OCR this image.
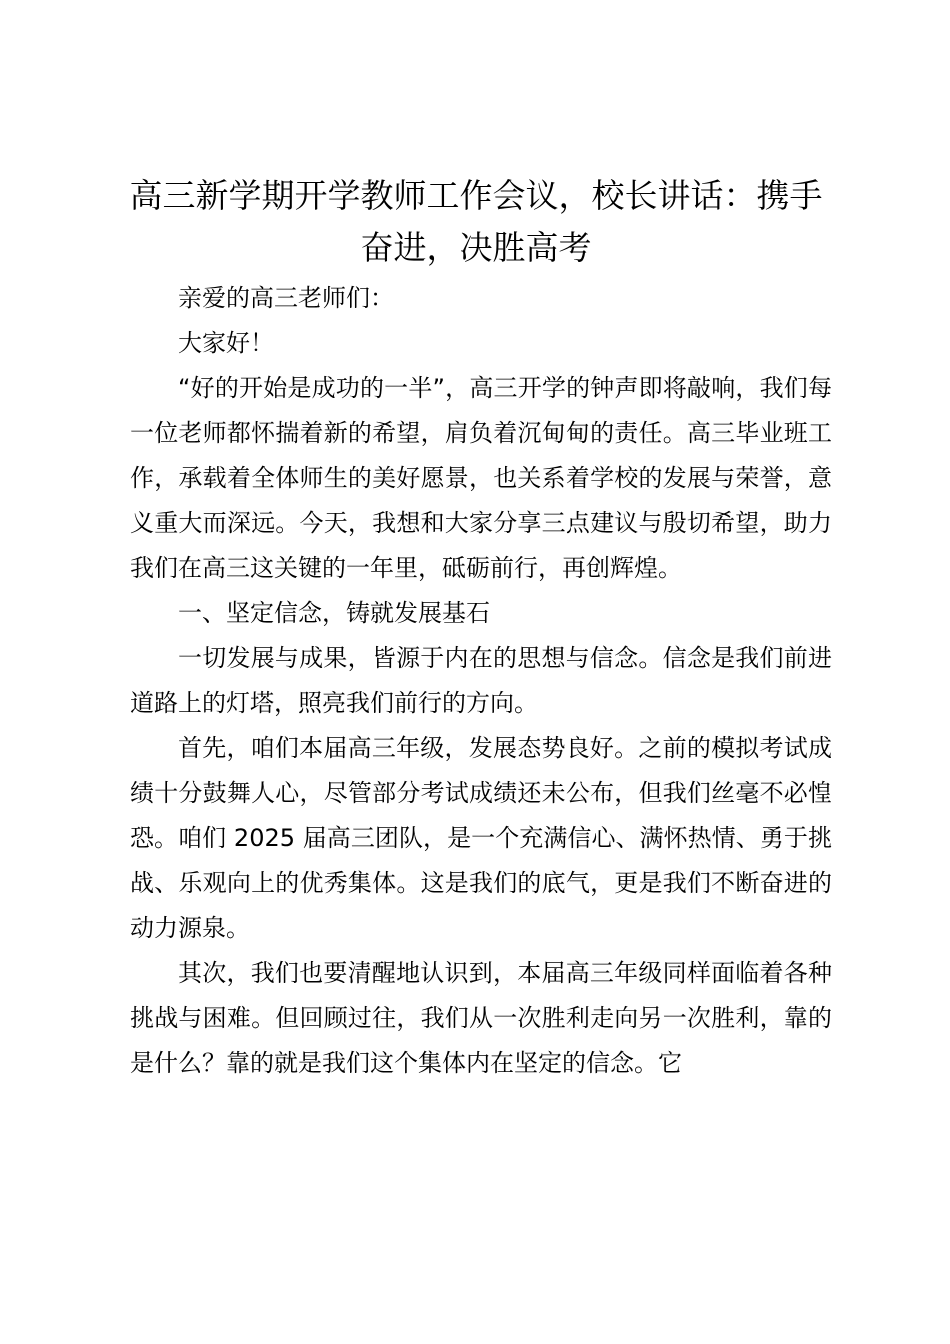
高三新学期开学教师工作会议，校长讲话：携手奋进，决胜高考

亲爱的高三老师们：

大家好！

“好的开始是成功的一半”，高三开学的钟声即将敲响，我们每一位老师都怀揣着新的希望，肩负着沉甸甸的责任。高三毕业班工作，承载着全体师生的美好愿景，也关系着学校的发展与荣誉，意义重大而深远。今天，我想和大家分享三点建议与殷切希望，助力我们在高三这关键的一年里，砥砺前行，再创辉煌。

一、坚定信念，铸就发展基石

一切发展与成果，皆源于内在的思想与信念。信念是我们前进道路上的灯塔，照亮我们前行的方向。

首先，咱们本届高三年级，发展态势良好。之前的模拟考试成绩十分鼓舞人心，尽管部分考试成绩还未公布，但我们丝毫不必惶恐。咱们 2025 届高三团队，是一个充满信心、满怀热情、勇于挑战、乐观向上的优秀集体。这是我们的底气，更是我们不断奋进的动力源泉。

其次，我们也要清醒地认识到，本届高三年级同样面临着各种挑战与困难。但回顾过往，我们从一次胜利走向另一次胜利，靠的是什么？靠的就是我们这个集体内在坚定的信念。它
